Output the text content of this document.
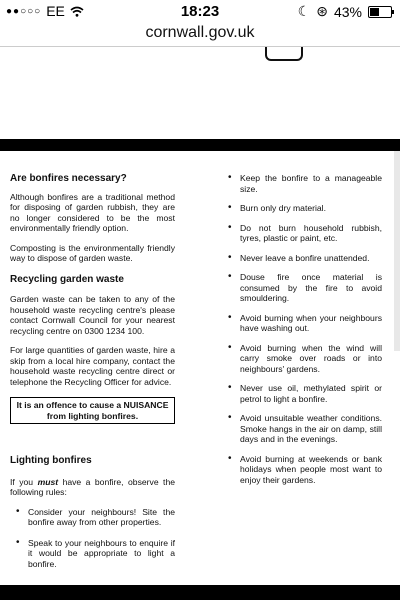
●●○○○ EE	18:23	☾ ⊛ 43%
cornwall.gov.uk
Are bonfires necessary?

Although bonfires are a traditional method for disposing of garden rubbish, they are no longer considered to be the most environmentally friendly option.

Composting is the environmentally friendly way to dispose of garden waste.

Recycling garden waste

Garden waste can be taken to any of the household waste recycling centre's please contact Cornwall Council for your nearest recycling centre on 0300 1234 100.

For large quantities of garden waste, hire a skip from a local hire company, contact the household waste recycling centre direct or telephone the Recycling Officer for advice.

It is an offence to cause a NUISANCE from lighting bonfires.
Lighting bonfires

If you must have a bonfire, observe the following rules:

• Consider your neighbours! Site the bonfire away from other properties.
• Speak to your neighbours to enquire if it would be appropriate to light a bonfire.
• Keep the bonfire to a manageable size.
• Burn only dry material.
• Do not burn household rubbish, tyres, plastic or paint, etc.
• Never leave a bonfire unattended.
• Douse fire once material is consumed by the fire to avoid smouldering.
• Avoid burning when your neighbours have washing out.
• Avoid burning when the wind will carry smoke over roads or into neighbours' gardens.
• Never use oil, methylated spirit or petrol to light a bonfire.
• Avoid unsuitable weather conditions. Smoke hangs in the air on damp, still days and in the evenings.
• Avoid burning at weekends or bank holidays when people most want to enjoy their gardens.
